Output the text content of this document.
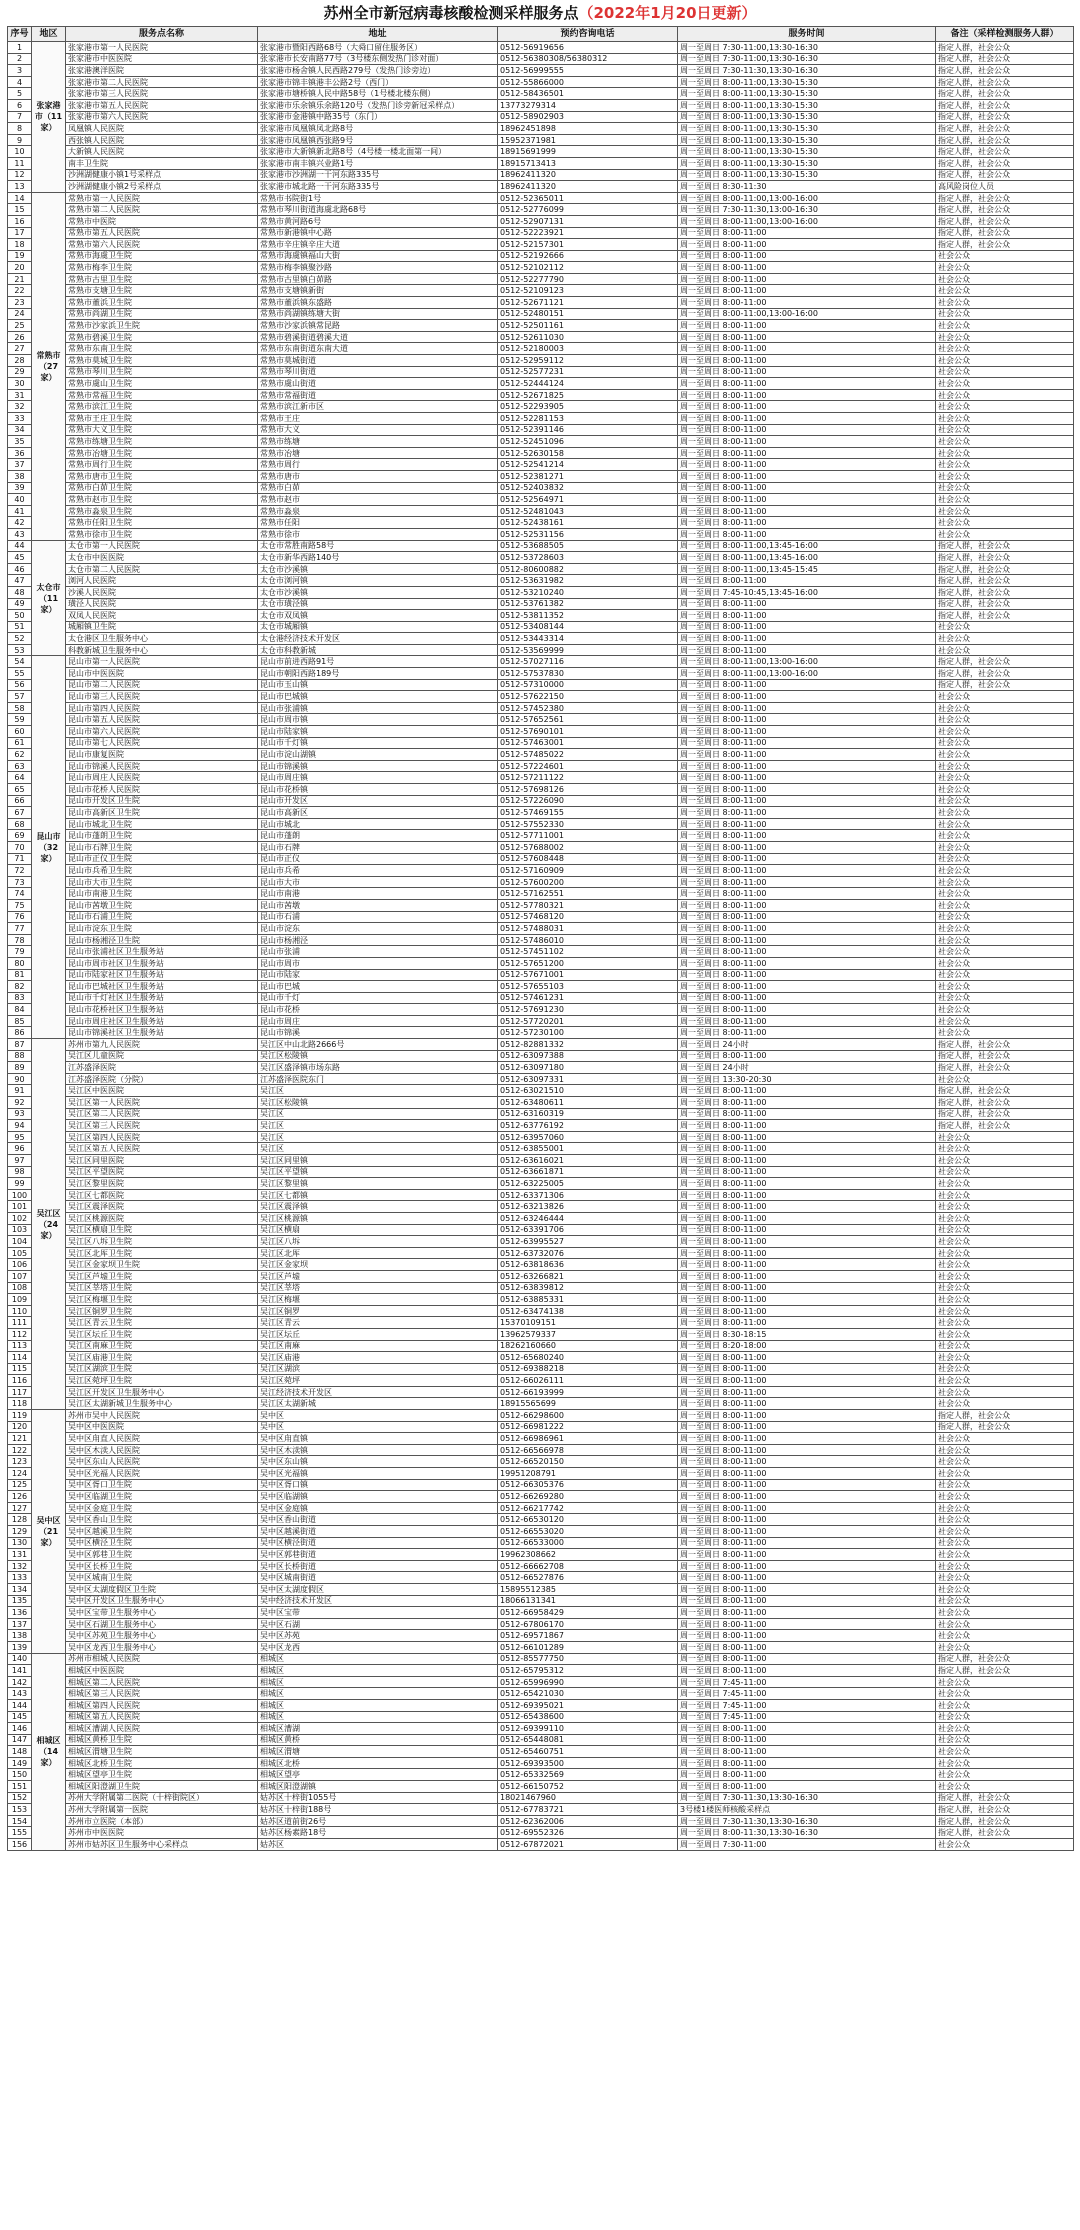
苏州全市新冠病毒核酸检测采样服务点（2022年1月20日更新）
序号	地区	服务点名称	地址	预约咨询电话	服务时间	备注（采样检测服务人群）
1	张家港市（11家）	张家港市第一人民医院	张家港市暨阳西路68号（大舜口留住服务区）	0512-56919656	周一至周日 7:30-11:00,13:30-16:30	指定人群，社会公众
2		张家港市中医医院	张家港市长安南路77号（3号楼东侧发热门诊对面）	0512-56380308/56380312	周一至周日 7:30-11:00,13:30-16:30	指定人群，社会公众
3		张家港澳洋医院	张家港市杨舍镇人民西路279号（发热门诊旁边）	0512-56999555	周一至周日 7:30-11:30,13:30-16:30	指定人群，社会公众
4		张家港市第二人民医院	张家港市锦丰镇港丰公路2号（西门）	0512-55866000	周一至周日 8:00-11:00,13:30-15:30	指定人群，社会公众
5		张家港市第三人民医院	张家港市塘桥镇人民中路58号（1号楼北楼东侧）	0512-58436501	周一至周日 8:00-11:00,13:30-15:30	指定人群，社会公众
6		张家港市第五人民医院	张家港市乐余镇乐余路120号（发热门诊旁新冠采样点）	13773279314	周一至周日 8:00-11:00,13:30-15:30	指定人群，社会公众
7		张家港市第六人民医院	张家港市金港镇中路35号（东门）	0512-58902903	周一至周日 8:00-11:00,13:30-15:30	指定人群，社会公众
8		凤凰镇人民医院	张家港市凤凰镇凤北路8号	18962451898	周一至周日 8:00-11:00,13:30-15:30	指定人群，社会公众
9		西张镇人民医院	张家港市凤凰镇西张路9号	15952371981	周一至周日 8:00-11:00,13:30-15:30	指定人群，社会公众
10		大新镇人民医院	张家港市大新镇新北路8号（4号楼一楼北面第一间）	18915691999	周一至周日 8:00-11:00,13:30-15:30	指定人群，社会公众
11		南丰卫生院	张家港市南丰镇兴业路1号	18915713413	周一至周日 8:00-11:00,13:30-15:30	指定人群，社会公众
12		沙洲湖健康小镇1号采样点	张家港市沙洲湖一干河东路335号	18962411320	周一至周日 8:00-11:00,13:30-15:30	指定人群，社会公众
13		沙洲湖健康小镇2号采样点	张家港市城北路一干河东路335号	18962411320	周一至周日 8:30-11:30	高风险岗位人员
14	常熟市（27家）	常熟市第一人民医院	常熟市书院街1号	0512-52365011	周一至周日 8:00-11:00,13:00-16:00	指定人群，社会公众
15		常熟市第二人民医院	常熟市琴川街道海虞北路68号	0512-52776099	周一至周日 7:30-11:30,13:00-16:30	指定人群，社会公众
16		常熟市中医院	常熟市黄河路6号	0512-52907131	周一至周日 8:00-11:00,13:00-16:00	指定人群，社会公众
17		常熟市第五人民医院	常熟市新港镇中心路	0512-52223921	周一至周日 8:00-11:00	指定人群，社会公众
18		常熟市第六人民医院	常熟市辛庄镇辛庄大道	0512-52157301	周一至周日 8:00-11:00	指定人群，社会公众
19		常熟市海虞卫生院	常熟市海虞镇福山大街	0512-52192666	周一至周日 8:00-11:00	社会公众
20		常熟市梅李卫生院	常熟市梅李镇聚沙路	0512-52102112	周一至周日 8:00-11:00	社会公众
21		常熟市古里卫生院	常熟市古里镇白茆路	0512-52277790	周一至周日 8:00-11:00	社会公众
22		常熟市支塘卫生院	常熟市支塘镇新街	0512-52109123	周一至周日 8:00-11:00	社会公众
23		常熟市董浜卫生院	常熟市董浜镇东盛路	0512-52671121	周一至周日 8:00-11:00	社会公众
24		常熟市尚湖卫生院	常熟市尚湖镇练塘大街	0512-52480151	周一至周日 8:00-11:00,13:00-16:00	社会公众
25		常熟市沙家浜卫生院	常熟市沙家浜镇常昆路	0512-52501161	周一至周日 8:00-11:00	社会公众
26		常熟市碧溪卫生院	常熟市碧溪街道碧溪大道	0512-52611030	周一至周日 8:00-11:00	社会公众
27		常熟市东南卫生院	常熟市东南街道东南大道	0512-52180003	周一至周日 8:00-11:00	社会公众
28		常熟市莫城卫生院	常熟市莫城街道	0512-52959112	周一至周日 8:00-11:00	社会公众
29		常熟市琴川卫生院	常熟市琴川街道	0512-52577231	周一至周日 8:00-11:00	社会公众
30		常熟市虞山卫生院	常熟市虞山街道	0512-52444124	周一至周日 8:00-11:00	社会公众
31		常熟市常福卫生院	常熟市常福街道	0512-52671825	周一至周日 8:00-11:00	社会公众
32		常熟市滨江卫生院	常熟市滨江新市区	0512-52293905	周一至周日 8:00-11:00	社会公众
33		常熟市王庄卫生院	常熟市王庄	0512-52281153	周一至周日 8:00-11:00	社会公众
34		常熟市大义卫生院	常熟市大义	0512-52391146	周一至周日 8:00-11:00	社会公众
35		常熟市练塘卫生院	常熟市练塘	0512-52451096	周一至周日 8:00-11:00	社会公众
36		常熟市冶塘卫生院	常熟市冶塘	0512-52630158	周一至周日 8:00-11:00	社会公众
37		常熟市周行卫生院	常熟市周行	0512-52541214	周一至周日 8:00-11:00	社会公众
38		常熟市唐市卫生院	常熟市唐市	0512-52381271	周一至周日 8:00-11:00	社会公众
39		常熟市白茆卫生院	常熟市白茆	0512-52403832	周一至周日 8:00-11:00	社会公众
40		常熟市赵市卫生院	常熟市赵市	0512-52564971	周一至周日 8:00-11:00	社会公众
41		常熟市淼泉卫生院	常熟市淼泉	0512-52481043	周一至周日 8:00-11:00	社会公众
42		常熟市任阳卫生院	常熟市任阳	0512-52438161	周一至周日 8:00-11:00	社会公众
43		常熟市徐市卫生院	常熟市徐市	0512-52531156	周一至周日 8:00-11:00	社会公众
44	太仓市（11家）	太仓市第一人民医院	太仓市常胜南路58号	0512-53688505	周一至周日 8:00-11:00,13:45-16:00	指定人群，社会公众
45		太仓市中医医院	太仓市新华西路140号	0512-53728603	周一至周日 8:00-11:00,13:45-16:00	指定人群，社会公众
46		太仓市第二人民医院	太仓市沙溪镇	0512-80600882	周一至周日 8:00-11:00,13:45-15:45	指定人群，社会公众
47		浏河人民医院	太仓市浏河镇	0512-53631982	周一至周日 8:00-11:00	指定人群，社会公众
48		沙溪人民医院	太仓市沙溪镇	0512-53210240	周一至周日 7:45-10:45,13:45-16:00	指定人群，社会公众
49		璜泾人民医院	太仓市璜泾镇	0512-53761382	周一至周日 8:00-11:00	指定人群，社会公众
50		双凤人民医院	太仓市双凤镇	0512-53811352	周一至周日 8:00-11:00	指定人群，社会公众
51		城厢镇卫生院	太仓市城厢镇	0512-53408144	周一至周日 8:00-11:00	社会公众
52		太仓港区卫生服务中心	太仓港经济技术开发区	0512-53443314	周一至周日 8:00-11:00	社会公众
53		科教新城卫生服务中心	太仓市科教新城	0512-53569999	周一至周日 8:00-11:00	社会公众
54	昆山市（32家）	昆山市第一人民医院	昆山市前进西路91号	0512-57027116	周一至周日 8:00-11:00,13:00-16:00	指定人群，社会公众
55		昆山市中医医院	昆山市朝阳西路189号	0512-57537830	周一至周日 8:00-11:00,13:00-16:00	指定人群，社会公众
56		昆山市第二人民医院	昆山市玉山镇	0512-57310000	周一至周日 8:00-11:00	指定人群，社会公众
57		昆山市第三人民医院	昆山市巴城镇	0512-57622150	周一至周日 8:00-11:00	社会公众
58		昆山市第四人民医院	昆山市张浦镇	0512-57452380	周一至周日 8:00-11:00	社会公众
59		昆山市第五人民医院	昆山市周市镇	0512-57652561	周一至周日 8:00-11:00	社会公众
60		昆山市第六人民医院	昆山市陆家镇	0512-57690101	周一至周日 8:00-11:00	社会公众
61		昆山市第七人民医院	昆山市千灯镇	0512-57463001	周一至周日 8:00-11:00	社会公众
62		昆山市康复医院	昆山市淀山湖镇	0512-57485022	周一至周日 8:00-11:00	社会公众
63		昆山市锦溪人民医院	昆山市锦溪镇	0512-57224601	周一至周日 8:00-11:00	社会公众
64		昆山市周庄人民医院	昆山市周庄镇	0512-57211122	周一至周日 8:00-11:00	社会公众
65		昆山市花桥人民医院	昆山市花桥镇	0512-57698126	周一至周日 8:00-11:00	社会公众
66		昆山市开发区卫生院	昆山市开发区	0512-57226090	周一至周日 8:00-11:00	社会公众
67		昆山市高新区卫生院	昆山市高新区	0512-57469155	周一至周日 8:00-11:00	社会公众
68		昆山市城北卫生院	昆山市城北	0512-57552330	周一至周日 8:00-11:00	社会公众
69		昆山市蓬朗卫生院	昆山市蓬朗	0512-57711001	周一至周日 8:00-11:00	社会公众
70		昆山市石牌卫生院	昆山市石牌	0512-57688002	周一至周日 8:00-11:00	社会公众
71		昆山市正仪卫生院	昆山市正仪	0512-57608448	周一至周日 8:00-11:00	社会公众
72		昆山市兵希卫生院	昆山市兵希	0512-57160909	周一至周日 8:00-11:00	社会公众
73		昆山市大市卫生院	昆山市大市	0512-57600200	周一至周日 8:00-11:00	社会公众
74		昆山市南港卫生院	昆山市南港	0512-57162551	周一至周日 8:00-11:00	社会公众
75		昆山市茜墩卫生院	昆山市茜墩	0512-57780321	周一至周日 8:00-11:00	社会公众
76		昆山市石浦卫生院	昆山市石浦	0512-57468120	周一至周日 8:00-11:00	社会公众
77		昆山市淀东卫生院	昆山市淀东	0512-57488031	周一至周日 8:00-11:00	社会公众
78		昆山市杨湘泾卫生院	昆山市杨湘泾	0512-57486010	周一至周日 8:00-11:00	社会公众
79		昆山市张浦社区卫生服务站	昆山市张浦	0512-57451102	周一至周日 8:00-11:00	社会公众
80		昆山市周市社区卫生服务站	昆山市周市	0512-57651200	周一至周日 8:00-11:00	社会公众
81		昆山市陆家社区卫生服务站	昆山市陆家	0512-57671001	周一至周日 8:00-11:00	社会公众
82		昆山市巴城社区卫生服务站	昆山市巴城	0512-57655103	周一至周日 8:00-11:00	社会公众
83		昆山市千灯社区卫生服务站	昆山市千灯	0512-57461231	周一至周日 8:00-11:00	社会公众
84		昆山市花桥社区卫生服务站	昆山市花桥	0512-57691230	周一至周日 8:00-11:00	社会公众
85		昆山市周庄社区卫生服务站	昆山市周庄	0512-57720201	周一至周日 8:00-11:00	社会公众
86		昆山市锦溪社区卫生服务站	昆山市锦溪	0512-57230100	周一至周日 8:00-11:00	社会公众
87	吴江区（24家）	苏州市第九人民医院	吴江区中山北路2666号	0512-82881332	周一至周日 24小时	指定人群，社会公众
88		吴江区儿童医院	吴江区松陵镇	0512-63097388	周一至周日 8:00-11:00	指定人群，社会公众
89		江苏盛泽医院	吴江区盛泽镇市场东路	0512-63097180	周一至周日 24小时	指定人群，社会公众
90		江苏盛泽医院（分院）	江苏盛泽医院东门	0512-63097331	周一至周日 13:30-20:30	社会公众
91		吴江区中医医院	吴江区	0512-63021510	周一至周日 8:00-11:00	指定人群，社会公众
92		吴江区第一人民医院	吴江区松陵镇	0512-63480611	周一至周日 8:00-11:00	指定人群，社会公众
93		吴江区第二人民医院	吴江区	0512-63160319	周一至周日 8:00-11:00	指定人群，社会公众
94		吴江区第三人民医院	吴江区	0512-63776192	周一至周日 8:00-11:00	指定人群，社会公众
95		吴江区第四人民医院	吴江区	0512-63957060	周一至周日 8:00-11:00	社会公众
96		吴江区第五人民医院	吴江区	0512-63855001	周一至周日 8:00-11:00	社会公众
97		吴江区同里医院	吴江区同里镇	0512-63616021	周一至周日 8:00-11:00	社会公众
98		吴江区平望医院	吴江区平望镇	0512-63661871	周一至周日 8:00-11:00	社会公众
99		吴江区黎里医院	吴江区黎里镇	0512-63225005	周一至周日 8:00-11:00	社会公众
100		吴江区七都医院	吴江区七都镇	0512-63371306	周一至周日 8:00-11:00	社会公众
101		吴江区震泽医院	吴江区震泽镇	0512-63213826	周一至周日 8:00-11:00	社会公众
102		吴江区桃源医院	吴江区桃源镇	0512-63246444	周一至周日 8:00-11:00	社会公众
103		吴江区横扇卫生院	吴江区横扇	0512-63391706	周一至周日 8:00-11:00	社会公众
104		吴江区八坼卫生院	吴江区八坼	0512-63995527	周一至周日 8:00-11:00	社会公众
105		吴江区北厍卫生院	吴江区北厍	0512-63732076	周一至周日 8:00-11:00	社会公众
106		吴江区金家坝卫生院	吴江区金家坝	0512-63818636	周一至周日 8:00-11:00	社会公众
107		吴江区芦墟卫生院	吴江区芦墟	0512-63266821	周一至周日 8:00-11:00	社会公众
108		吴江区莘塔卫生院	吴江区莘塔	0512-63839812	周一至周日 8:00-11:00	社会公众
109		吴江区梅堰卫生院	吴江区梅堰	0512-63885331	周一至周日 8:00-11:00	社会公众
110		吴江区铜罗卫生院	吴江区铜罗	0512-63474138	周一至周日 8:00-11:00	社会公众
111		吴江区青云卫生院	吴江区青云	15370109151	周一至周日 8:00-11:00	社会公众
112		吴江区坛丘卫生院	吴江区坛丘	13962579337	周一至周日 8:30-18:15	社会公众
113		吴江区南麻卫生院	吴江区南麻	18262160660	周一至周日 8:20-18:00	社会公众
114		吴江区庙港卫生院	吴江区庙港	0512-65680240	周一至周日 8:00-11:00	社会公众
115		吴江区湖滨卫生院	吴江区湖滨	0512-69388218	周一至周日 8:00-11:00	社会公众
116		吴江区菀坪卫生院	吴江区菀坪	0512-66026111	周一至周日 8:00-11:00	社会公众
117		吴江区开发区卫生服务中心	吴江经济技术开发区	0512-66193999	周一至周日 8:00-11:00	社会公众
118		吴江区太湖新城卫生服务中心	吴江区太湖新城	18915565699	周一至周日 8:00-11:00	社会公众
119	吴中区（21家）	苏州市吴中人民医院	吴中区	0512-66298600	周一至周日 8:00-11:00	指定人群，社会公众
120		吴中区中医医院	吴中区	0512-66981222	周一至周日 8:00-11:00	指定人群，社会公众
121		吴中区甪直人民医院	吴中区甪直镇	0512-66986961	周一至周日 8:00-11:00	社会公众
122		吴中区木渎人民医院	吴中区木渎镇	0512-66566978	周一至周日 8:00-11:00	社会公众
123		吴中区东山人民医院	吴中区东山镇	0512-66520150	周一至周日 8:00-11:00	社会公众
124		吴中区光福人民医院	吴中区光福镇	19951208791	周一至周日 8:00-11:00	社会公众
125		吴中区胥口卫生院	吴中区胥口镇	0512-66305376	周一至周日 8:00-11:00	社会公众
126		吴中区临湖卫生院	吴中区临湖镇	0512-66269280	周一至周日 8:00-11:00	社会公众
127		吴中区金庭卫生院	吴中区金庭镇	0512-66217742	周一至周日 8:00-11:00	社会公众
128		吴中区香山卫生院	吴中区香山街道	0512-66530120	周一至周日 8:00-11:00	社会公众
129		吴中区越溪卫生院	吴中区越溪街道	0512-66553020	周一至周日 8:00-11:00	社会公众
130		吴中区横泾卫生院	吴中区横泾街道	0512-66533000	周一至周日 8:00-11:00	社会公众
131		吴中区郭巷卫生院	吴中区郭巷街道	19962308662	周一至周日 8:00-11:00	社会公众
132		吴中区长桥卫生院	吴中区长桥街道	0512-66662708	周一至周日 8:00-11:00	社会公众
133		吴中区城南卫生院	吴中区城南街道	0512-66527876	周一至周日 8:00-11:00	社会公众
134		吴中区太湖度假区卫生院	吴中区太湖度假区	15895512385	周一至周日 8:00-11:00	社会公众
135		吴中区开发区卫生服务中心	吴中经济技术开发区	18066131341	周一至周日 8:00-11:00	社会公众
136		吴中区宝带卫生服务中心	吴中区宝带	0512-66958429	周一至周日 8:00-11:00	社会公众
137		吴中区石湖卫生服务中心	吴中区石湖	0512-67806170	周一至周日 8:00-11:00	社会公众
138		吴中区苏苑卫生服务中心	吴中区苏苑	0512-69571867	周一至周日 8:00-11:00	社会公众
139		吴中区龙西卫生服务中心	吴中区龙西	0512-66101289	周一至周日 8:00-11:00	社会公众
140	相城区（14家）	苏州市相城人民医院	相城区	0512-85577750	周一至周日 8:00-11:00	指定人群，社会公众
141		相城区中医医院	相城区	0512-65795312	周一至周日 8:00-11:00	指定人群，社会公众
142		相城区第二人民医院	相城区	0512-65996990	周一至周日 7:45-11:00	社会公众
143		相城区第三人民医院	相城区	0512-65421030	周一至周日 7:45-11:00	社会公众
144		相城区第四人民医院	相城区	0512-69395021	周一至周日 7:45-11:00	社会公众
145		相城区第五人民医院	相城区	0512-65438600	周一至周日 7:45-11:00	社会公众
146		相城区漕湖人民医院	相城区漕湖	0512-69399110	周一至周日 8:00-11:00	社会公众
147		相城区黄桥卫生院	相城区黄桥	0512-65448081	周一至周日 8:00-11:00	社会公众
148		相城区渭塘卫生院	相城区渭塘	0512-65460751	周一至周日 8:00-11:00	社会公众
149		相城区北桥卫生院	相城区北桥	0512-69393500	周一至周日 8:00-11:00	社会公众
150		相城区望亭卫生院	相城区望亭	0512-65332569	周一至周日 8:00-11:00	社会公众
151		相城区阳澄湖卫生院	相城区阳澄湖镇	0512-66150752	周一至周日 8:00-11:00	社会公众
152		苏州大学附属第二医院（十梓街院区）	姑苏区十梓街1055号	18021467960	周一至周日 7:30-11:30,13:30-16:30	指定人群，社会公众
153		苏州大学附属第一医院	姑苏区十梓街188号	0512-67783721	3号楼1楼医师核酸采样点	指定人群，社会公众
154		苏州市立医院（本部）	姑苏区道前街26号	0512-62362006	周一至周日 7:30-11:30,13:30-16:30	指定人群，社会公众
155		苏州市中医医院	姑苏区杨素路18号	0512-69552326	周一至周日 8:00-11:30,13:30-16:30	指定人群，社会公众
156		苏州市姑苏区卫生服务中心采样点	姑苏区	0512-67872021	周一至周日 7:30-11:00	社会公众
